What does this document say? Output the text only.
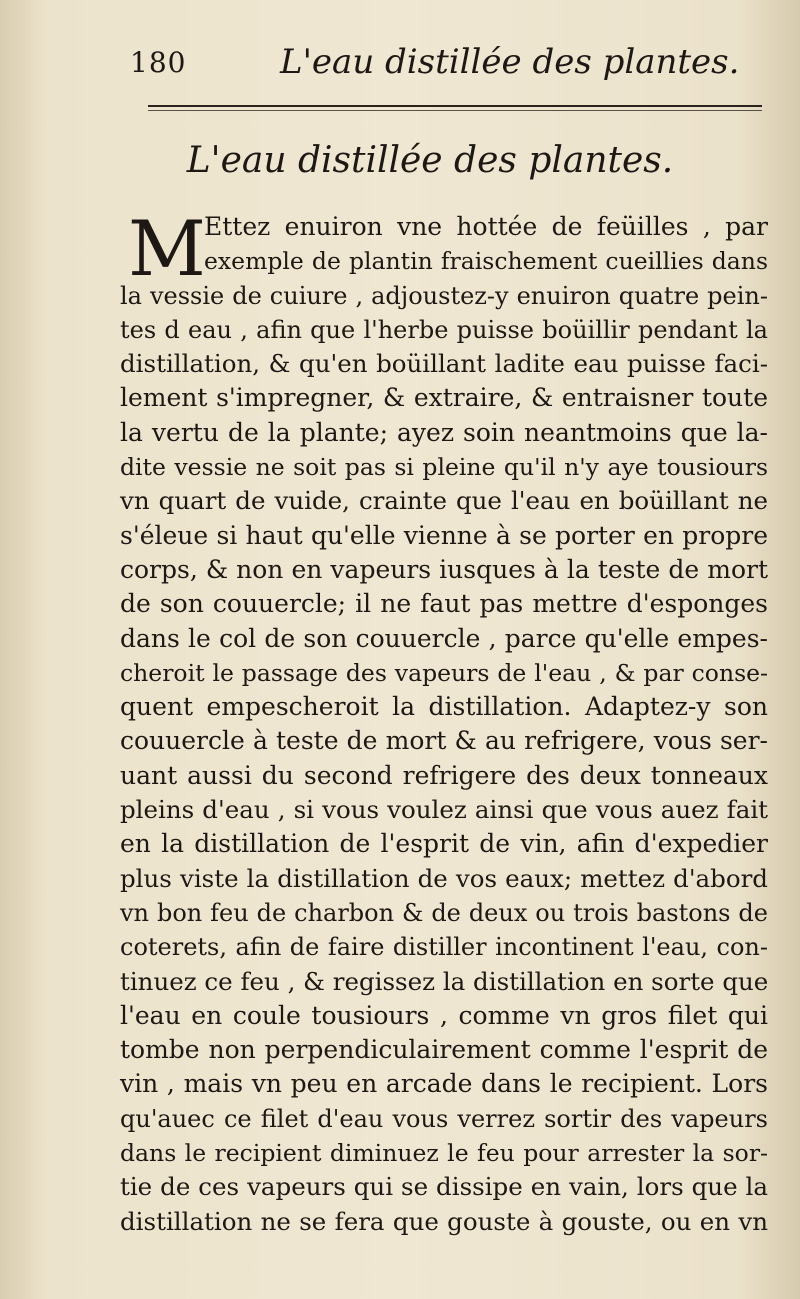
180	L'eau distillée des plantes.
L'eau distillée des plantes.
M
Ettez enuiron vne hottée de feüilles , par
exemple de plantin fraischement cueillies dans
la vessie de cuiure , adjoustez-y enuiron quatre pein-
tes d eau , afin que l'herbe puisse boüillir pendant la
distillation, & qu'en boüillant ladite eau puisse faci-
lement s'impregner, & extraire, & entraisner toute
la vertu de la plante; ayez soin neantmoins que la-
dite vessie ne soit pas si pleine qu'il n'y aye tousiours
vn quart de vuide, crainte que l'eau en boüillant ne
s'éleue si haut qu'elle vienne à se porter en propre
corps, & non en vapeurs iusques à la teste de mort
de son couuercle; il ne faut pas mettre d'esponges
dans le col de son couuercle , parce qu'elle empes-
cheroit le passage des vapeurs de l'eau , & par conse-
quent empescheroit la distillation. Adaptez-y son
couuercle à teste de mort & au refrigere, vous ser-
uant aussi du second refrigere des deux tonneaux
pleins d'eau , si vous voulez ainsi que vous auez fait
en la distillation de l'esprit de vin, afin d'expedier
plus viste la distillation de vos eaux; mettez d'abord
vn bon feu de charbon & de deux ou trois bastons de
coterets, afin de faire distiller incontinent l'eau, con-
tinuez ce feu , & regissez la distillation en sorte que
l'eau en coule tousiours , comme vn gros filet qui
tombe non perpendiculairement comme l'esprit de
vin , mais vn peu en arcade dans le recipient. Lors
qu'auec ce filet d'eau vous verrez sortir des vapeurs
dans le recipient diminuez le feu pour arrester la sor-
tie de ces vapeurs qui se dissipe en vain, lors que la
distillation ne se fera que gouste à gouste, ou en vn
